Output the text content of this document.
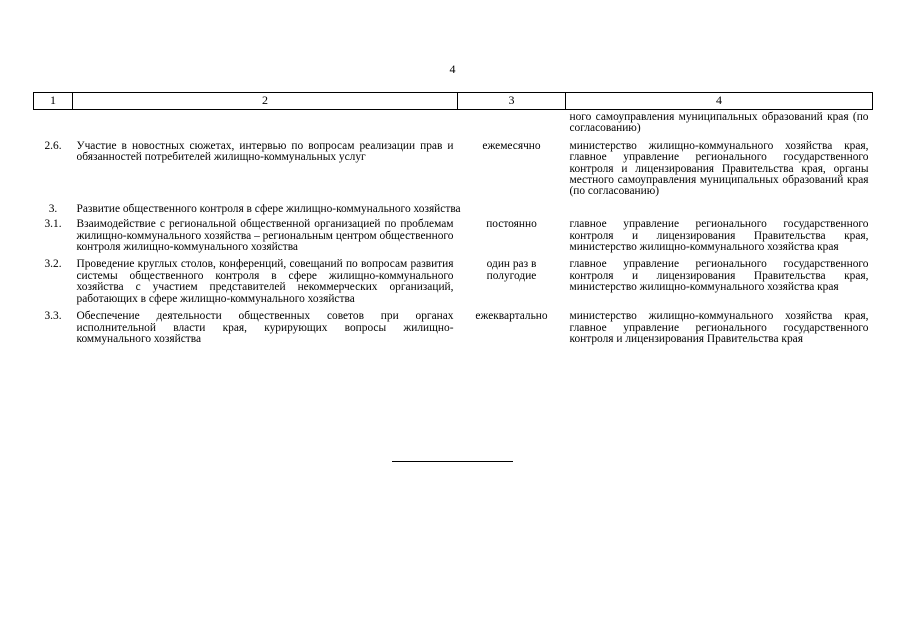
4
1	2	3	4
			ного самоуправления муниципальных образований края (по согласованию)
2.6.	Участие в новостных сюжетах, интервью по вопросам реализации прав и обязанностей потребителей жилищно-коммунальных услуг	ежемесячно	министерство жилищно-коммунального хозяйства края, главное управление регионального государственного контроля и лицензирования Правительства края, органы местного самоуправления муниципальных образований края (по согласованию)
3.	Развитие общественного контроля в сфере жилищно-коммунального хозяйства		
3.1.	Взаимодействие с региональной общественной организацией по проблемам жилищно-коммунального хозяйства – региональным центром общественного контроля жилищно-коммунального хозяйства	постоянно	главное управление регионального государственного контроля и лицензирования Правительства края, министерство жилищно-коммунального хозяйства края
3.2.	Проведение круглых столов, конференций, совещаний по вопросам развития системы общественного контроля в сфере жилищно-коммунального хозяйства с участием представителей некоммерческих организаций, работающих в сфере жилищно-коммунального хозяйства	один раз в полугодие	главное управление регионального государственного контроля и лицензирования Правительства края, министерство жилищно-коммунального хозяйства края
3.3.	Обеспечение деятельности общественных советов при органах исполнительной власти края, курирующих вопросы жилищно-коммунального хозяйства	ежеквартально	министерство жилищно-коммунального хозяйства края, главное управление регионального государственного контроля и лицензирования Правительства края
